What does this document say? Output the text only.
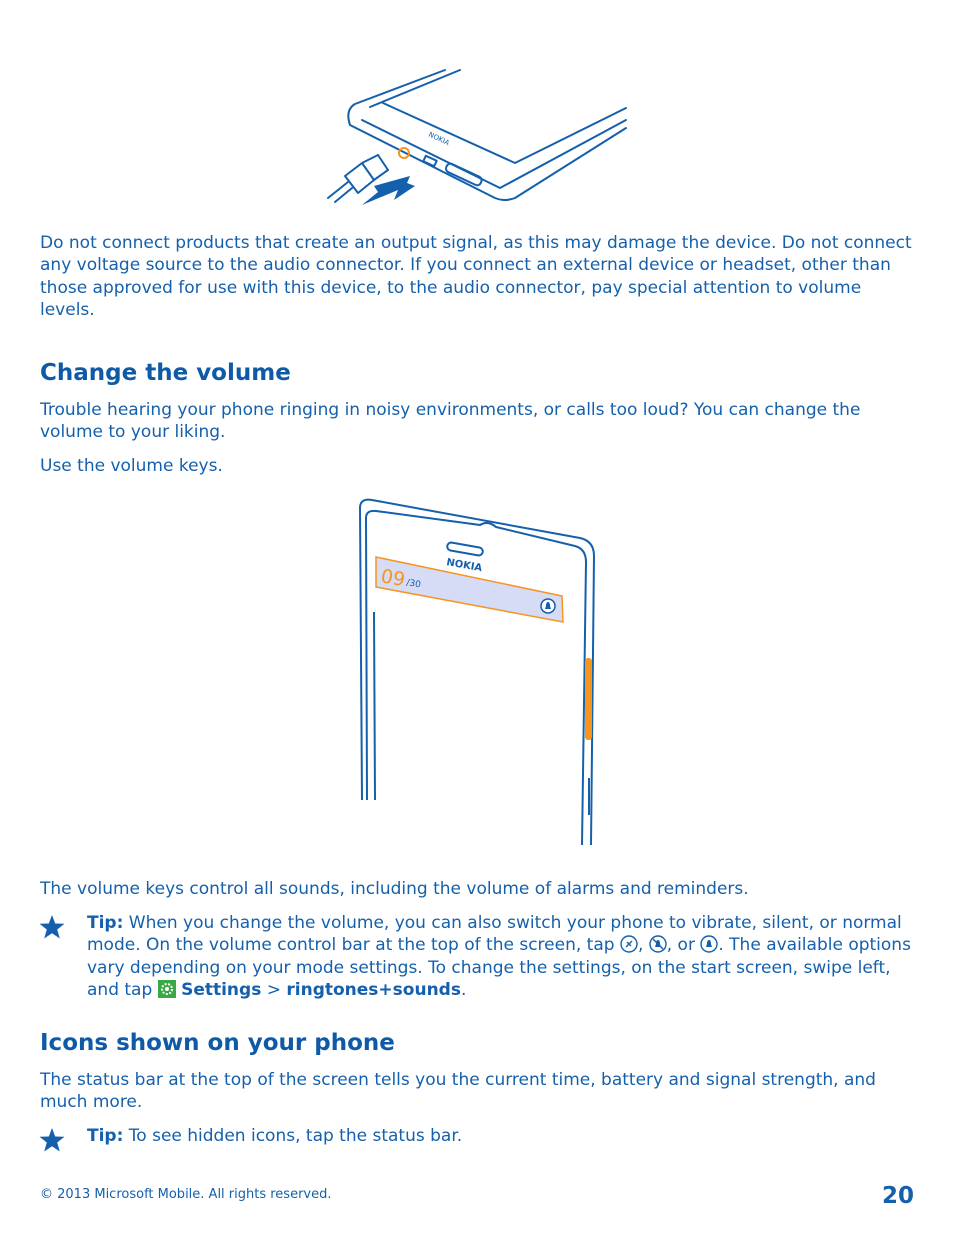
NOKIA

Do not connect products that create an output signal, as this may damage the device. Do not connect any voltage source to the audio connector. If you connect an external device or headset, other than those approved for use with this device, to the audio connector, pay special attention to volume levels.

Change the volume

Trouble hearing your phone ringing in noisy environments, or calls too loud? You can change the volume to your liking.

Use the volume keys.

09
/30
NOKIA

The volume keys control all sounds, including the volume of alarms and reminders.

Tip: When you change the volume, you can also switch your phone to vibrate, silent, or normal mode. On the volume control bar at the top of the screen, tap , , or . The available options vary depending on your mode settings. To change the settings, on the start screen, swipe left, and tap  Settings > ringtones+sounds.
Icons shown on your phone

The status bar at the top of the screen tells you the current time, battery and signal strength, and much more.

Tip: To see hidden icons, tap the status bar.
© 2013 Microsoft Mobile. All rights reserved.	20
